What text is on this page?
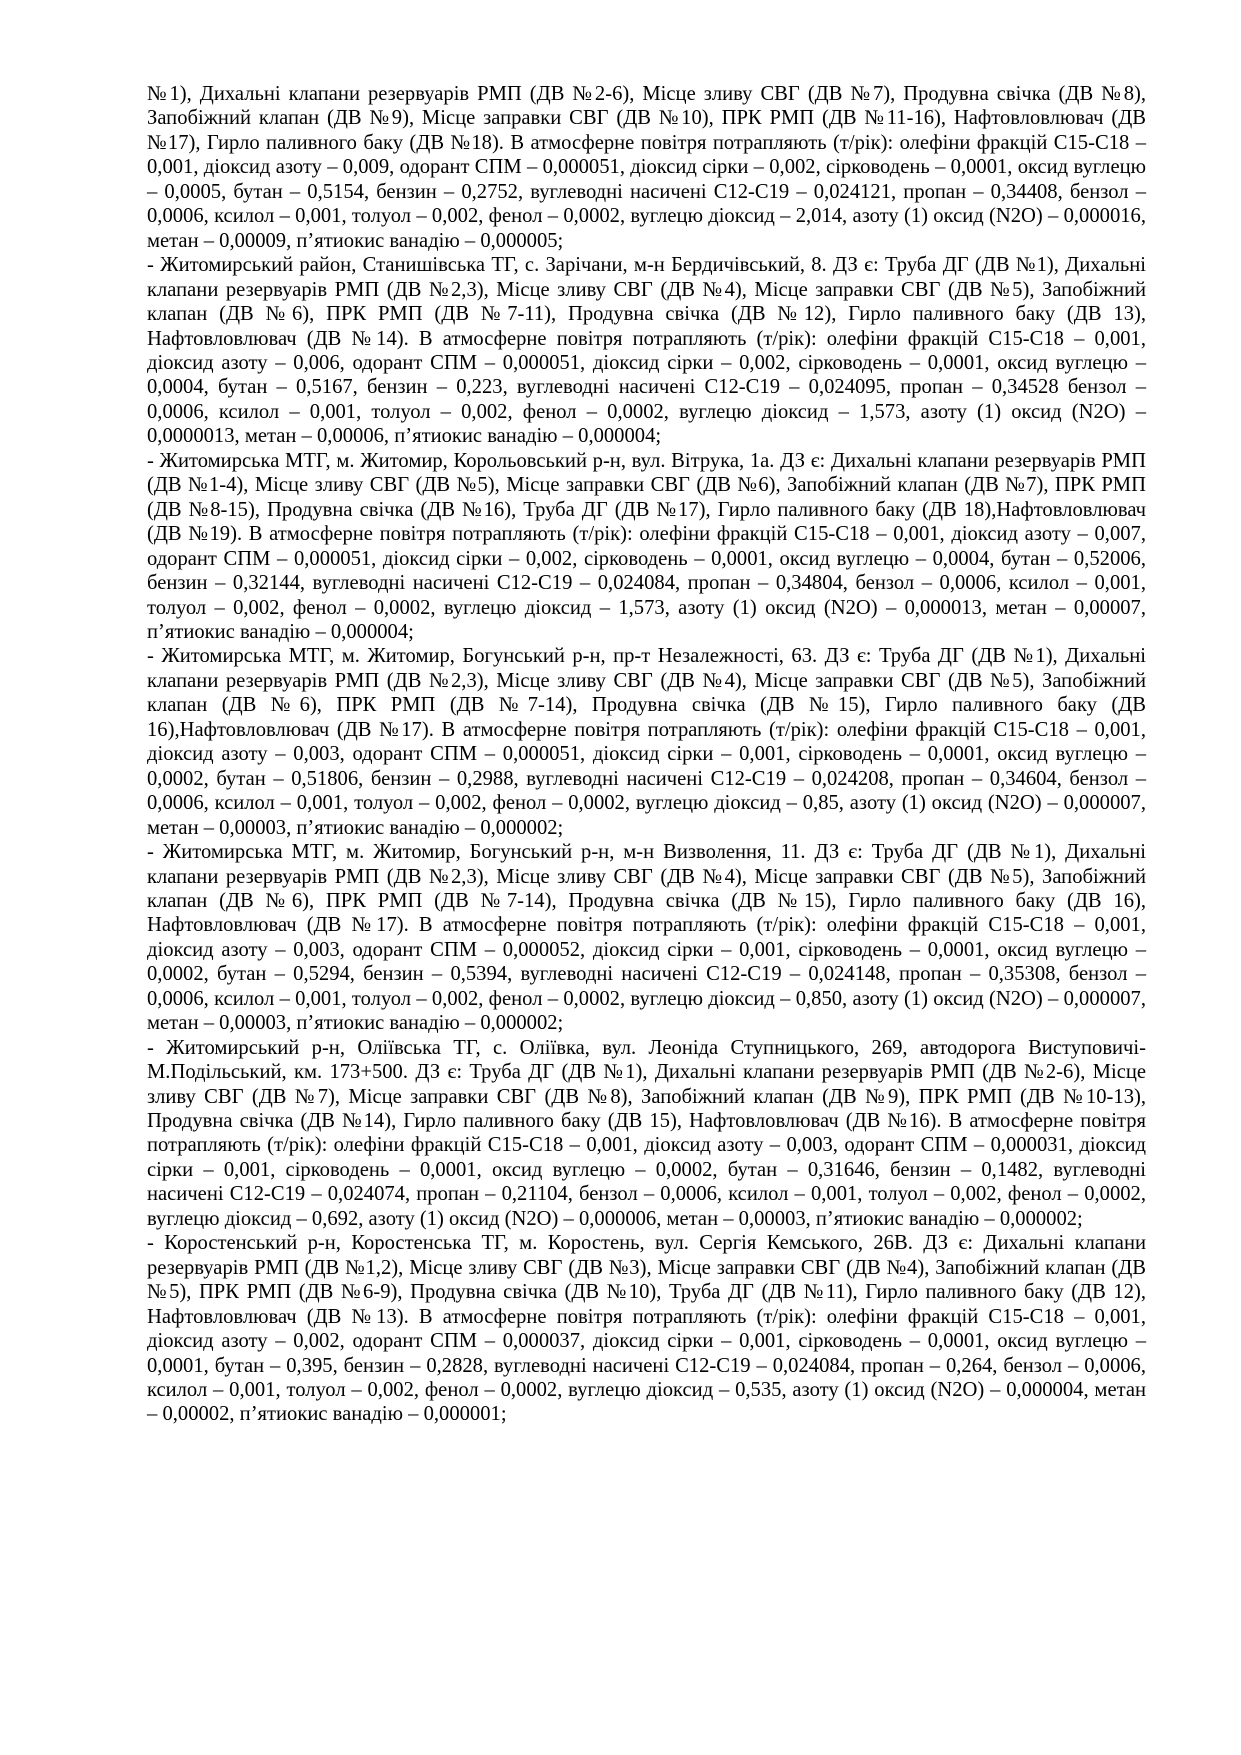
№1), Дихальні клапани резервуарів РМП (ДВ №2-6), Місце зливу СВГ (ДВ №7), Продувна свічка (ДВ №8), Запобіжний клапан (ДВ №9), Місце заправки СВГ (ДВ №10), ПРК РМП (ДВ №11-16), Нафтовловлювач (ДВ №17), Гирло паливного баку (ДВ №18). В атмосферне повітря потрапляють (т/рік): олефіни фракцій С15-С18 – 0,001, діоксид азоту – 0,009, одорант СПМ – 0,000051, діоксид сірки – 0,002, сірководень – 0,0001, оксид вуглецю – 0,0005, бутан – 0,5154, бензин – 0,2752, вуглеводні насичені С12-С19 – 0,024121, пропан – 0,34408, бензол – 0,0006, ксилол – 0,001, толуол – 0,002, фенол – 0,0002, вуглецю діоксид – 2,014, азоту (1) оксид (N2O) – 0,000016, метан – 0,00009, п’ятиокис ванадію – 0,000005;

- Житомирський район, Станишівська ТГ, с. Зарічани, м-н Бердичівський, 8. ДЗ є: Труба ДГ (ДВ №1), Дихальні клапани резервуарів РМП (ДВ №2,3), Місце зливу СВГ (ДВ №4), Місце заправки СВГ (ДВ №5), Запобіжний клапан (ДВ №6), ПРК РМП (ДВ №7-11), Продувна свічка (ДВ №12), Гирло паливного баку (ДВ 13), Нафтовловлювач (ДВ №14). В атмосферне повітря потрапляють (т/рік): олефіни фракцій С15-С18 – 0,001, діоксид азоту – 0,006, одорант СПМ – 0,000051, діоксид сірки – 0,002, сірководень – 0,0001, оксид вуглецю – 0,0004, бутан – 0,5167, бензин – 0,223, вуглеводні насичені С12-С19 – 0,024095, пропан – 0,34528 бензол – 0,0006, ксилол – 0,001, толуол – 0,002, фенол – 0,0002, вуглецю діоксид – 1,573, азоту (1) оксид (N2O) – 0,0000013, метан – 0,00006, п’ятиокис ванадію – 0,000004;

- Житомирська МТГ, м. Житомир, Корольовський р-н, вул. Вітрука, 1а. ДЗ є: Дихальні клапани резервуарів РМП (ДВ №1-4), Місце зливу СВГ (ДВ №5), Місце заправки СВГ (ДВ №6), Запобіжний клапан (ДВ №7), ПРК РМП (ДВ №8-15), Продувна свічка (ДВ №16), Труба ДГ (ДВ №17), Гирло паливного баку (ДВ 18),Нафтовловлювач (ДВ №19). В атмосферне повітря потрапляють (т/рік): олефіни фракцій С15-С18 – 0,001, діоксид азоту – 0,007, одорант СПМ – 0,000051, діоксид сірки – 0,002, сірководень – 0,0001, оксид вуглецю – 0,0004, бутан – 0,52006, бензин – 0,32144, вуглеводні насичені С12-С19 – 0,024084, пропан – 0,34804, бензол – 0,0006, ксилол – 0,001, толуол – 0,002, фенол – 0,0002, вуглецю діоксид – 1,573, азоту (1) оксид (N2O) – 0,000013, метан – 0,00007, п’ятиокис ванадію – 0,000004;

- Житомирська МТГ, м. Житомир, Богунський р-н, пр-т Незалежності, 63. ДЗ є: Труба ДГ (ДВ №1), Дихальні клапани резервуарів РМП (ДВ №2,3), Місце зливу СВГ (ДВ №4), Місце заправки СВГ (ДВ №5), Запобіжний клапан (ДВ №6), ПРК РМП (ДВ №7-14), Продувна свічка (ДВ №15), Гирло паливного баку (ДВ 16),Нафтовловлювач (ДВ №17). В атмосферне повітря потрапляють (т/рік): олефіни фракцій С15-С18 – 0,001, діоксид азоту – 0,003, одорант СПМ – 0,000051, діоксид сірки – 0,001, сірководень – 0,0001, оксид вуглецю – 0,0002, бутан – 0,51806, бензин – 0,2988, вуглеводні насичені С12-С19 – 0,024208, пропан – 0,34604, бензол – 0,0006, ксилол – 0,001, толуол – 0,002, фенол – 0,0002, вуглецю діоксид – 0,85, азоту (1) оксид (N2O) – 0,000007, метан – 0,00003, п’ятиокис ванадію – 0,000002;

- Житомирська МТГ, м. Житомир, Богунський р-н, м-н Визволення, 11. ДЗ є: Труба ДГ (ДВ №1), Дихальні клапани резервуарів РМП (ДВ №2,3), Місце зливу СВГ (ДВ №4), Місце заправки СВГ (ДВ №5), Запобіжний клапан (ДВ №6), ПРК РМП (ДВ №7-14), Продувна свічка (ДВ №15), Гирло паливного баку (ДВ 16), Нафтовловлювач (ДВ №17). В атмосферне повітря потрапляють (т/рік): олефіни фракцій С15-С18 – 0,001, діоксид азоту – 0,003, одорант СПМ – 0,000052, діоксид сірки – 0,001, сірководень – 0,0001, оксид вуглецю – 0,0002, бутан – 0,5294, бензин – 0,5394, вуглеводні насичені С12-С19 – 0,024148, пропан – 0,35308, бензол – 0,0006, ксилол – 0,001, толуол – 0,002, фенол – 0,0002, вуглецю діоксид – 0,850, азоту (1) оксид (N2O) – 0,000007, метан – 0,00003, п’ятиокис ванадію – 0,000002;

- Житомирський р-н, Оліївська ТГ, с. Оліївка, вул. Леоніда Ступницького, 269, автодорога Виступовичі-М.Подільський, км. 173+500. ДЗ є: Труба ДГ (ДВ №1), Дихальні клапани резервуарів РМП (ДВ №2-6), Місце зливу СВГ (ДВ №7), Місце заправки СВГ (ДВ №8), Запобіжний клапан (ДВ №9), ПРК РМП (ДВ №10-13), Продувна свічка (ДВ №14), Гирло паливного баку (ДВ 15), Нафтовловлювач (ДВ №16). В атмосферне повітря потрапляють (т/рік): олефіни фракцій С15-С18 – 0,001, діоксид азоту – 0,003, одорант СПМ – 0,000031, діоксид сірки – 0,001, сірководень – 0,0001, оксид вуглецю – 0,0002, бутан – 0,31646, бензин – 0,1482, вуглеводні насичені С12-С19 – 0,024074, пропан – 0,21104, бензол – 0,0006, ксилол – 0,001, толуол – 0,002, фенол – 0,0002, вуглецю діоксид – 0,692, азоту (1) оксид (N2O) – 0,000006, метан – 0,00003, п’ятиокис ванадію – 0,000002;

- Коростенський р-н, Коростенська ТГ, м. Коростень, вул. Сергія Кемського, 26В. ДЗ є: Дихальні клапани резервуарів РМП (ДВ №1,2), Місце зливу СВГ (ДВ №3), Місце заправки СВГ (ДВ №4), Запобіжний клапан (ДВ №5), ПРК РМП (ДВ №6-9), Продувна свічка (ДВ №10), Труба ДГ (ДВ №11), Гирло паливного баку (ДВ 12), Нафтовловлювач (ДВ №13). В атмосферне повітря потрапляють (т/рік): олефіни фракцій С15-С18 – 0,001, діоксид азоту – 0,002, одорант СПМ – 0,000037, діоксид сірки – 0,001, сірководень – 0,0001, оксид вуглецю – 0,0001, бутан – 0,395, бензин – 0,2828, вуглеводні насичені С12-С19 – 0,024084, пропан – 0,264, бензол – 0,0006, ксилол – 0,001, толуол – 0,002, фенол – 0,0002, вуглецю діоксид – 0,535, азоту (1) оксид (N2O) – 0,000004, метан – 0,00002, п’ятиокис ванадію – 0,000001;
